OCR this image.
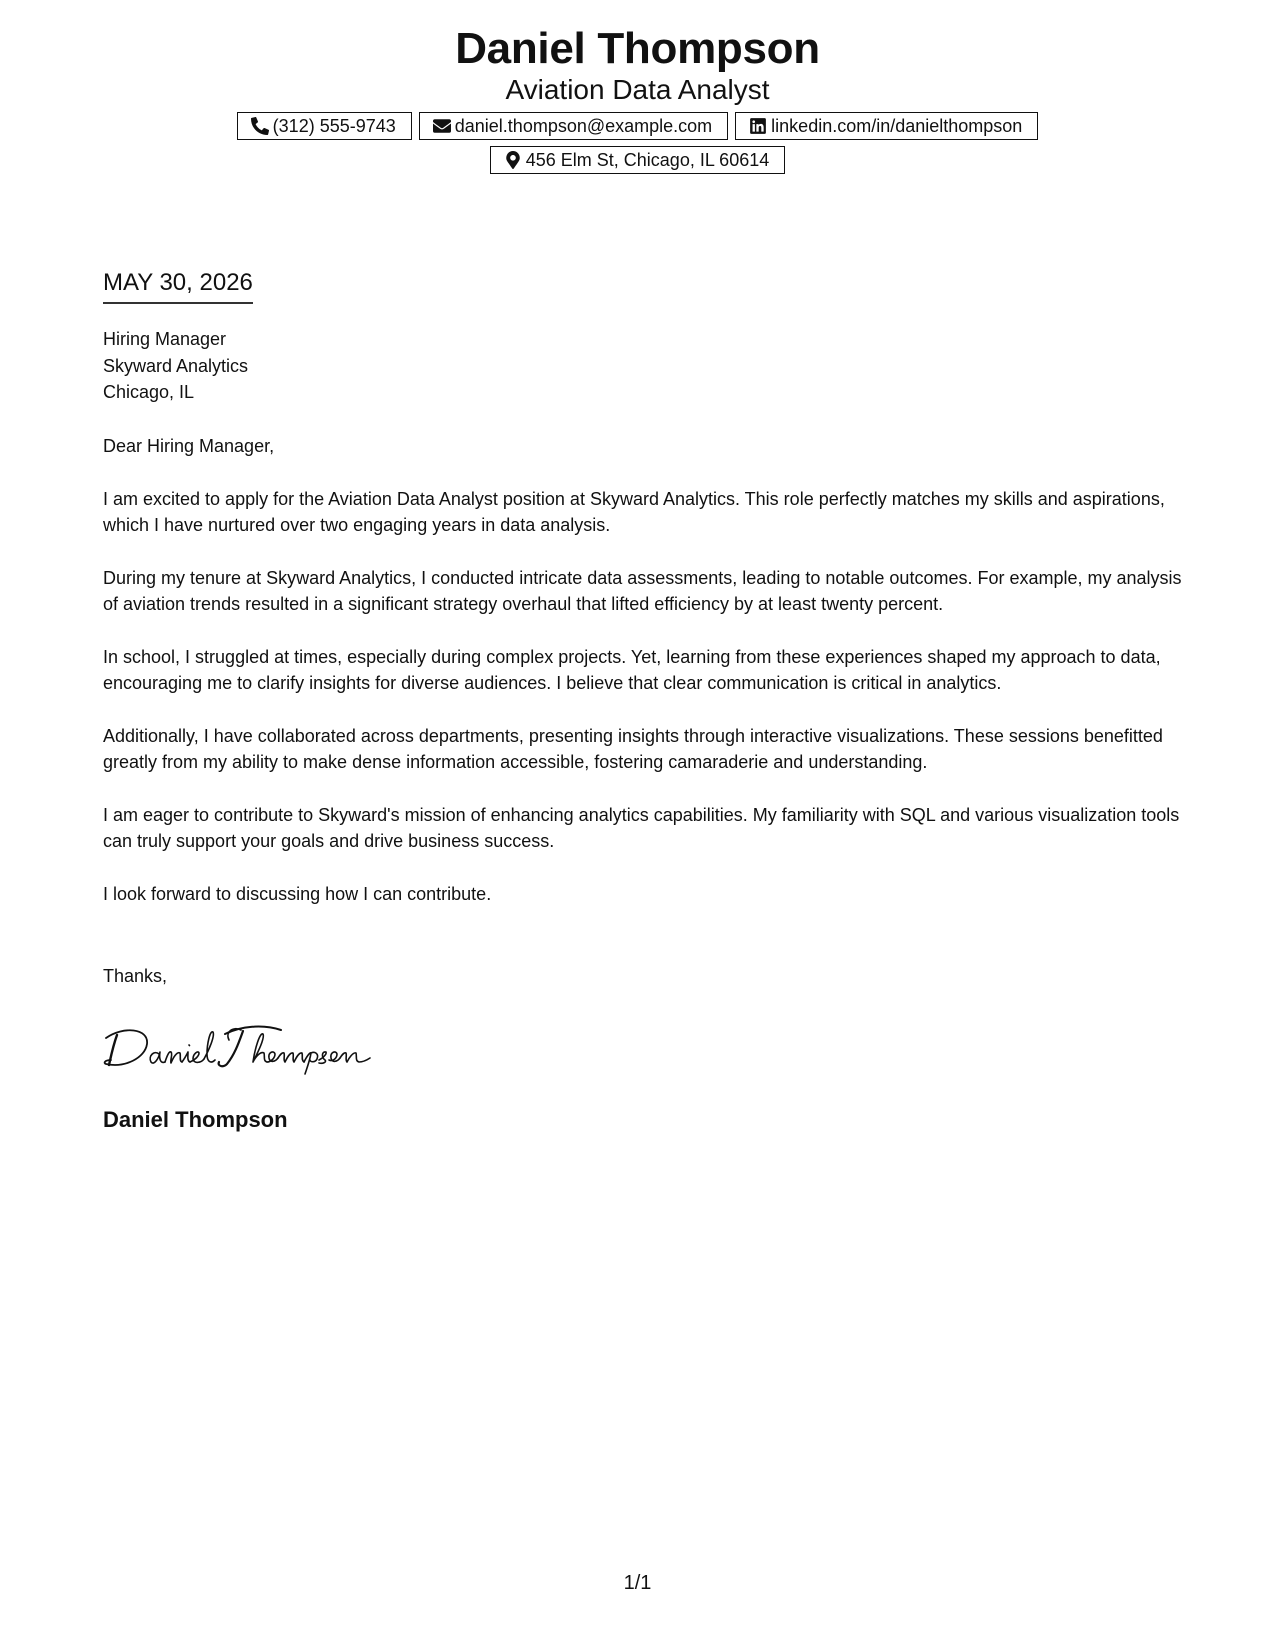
Daniel Thompson
Aviation Data Analyst
(312) 555-9743	daniel.thompson@example.com	linkedin.com/in/danielthompson
456 Elm St, Chicago, IL 60614
MAY 30, 2026
Hiring Manager
Skyward Analytics
Chicago, IL

Dear Hiring Manager,

I am excited to apply for the Aviation Data Analyst position at Skyward Analytics. This role perfectly matches my skills and aspirations, which I have nurtured over two engaging years in data analysis.

During my tenure at Skyward Analytics, I conducted intricate data assessments, leading to notable outcomes. For example, my analysis of aviation trends resulted in a significant strategy overhaul that lifted efficiency by at least twenty percent.

In school, I struggled at times, especially during complex projects. Yet, learning from these experiences shaped my approach to data, encouraging me to clarify insights for diverse audiences. I believe that clear communication is critical in analytics.

Additionally, I have collaborated across departments, presenting insights through interactive visualizations. These sessions benefitted greatly from my ability to make dense information accessible, fostering camaraderie and understanding.

I am eager to contribute to Skyward's mission of enhancing analytics capabilities. My familiarity with SQL and various visualization tools can truly support your goals and drive business success.

I look forward to discussing how I can contribute.

Thanks,
Daniel Thompson
1/1
